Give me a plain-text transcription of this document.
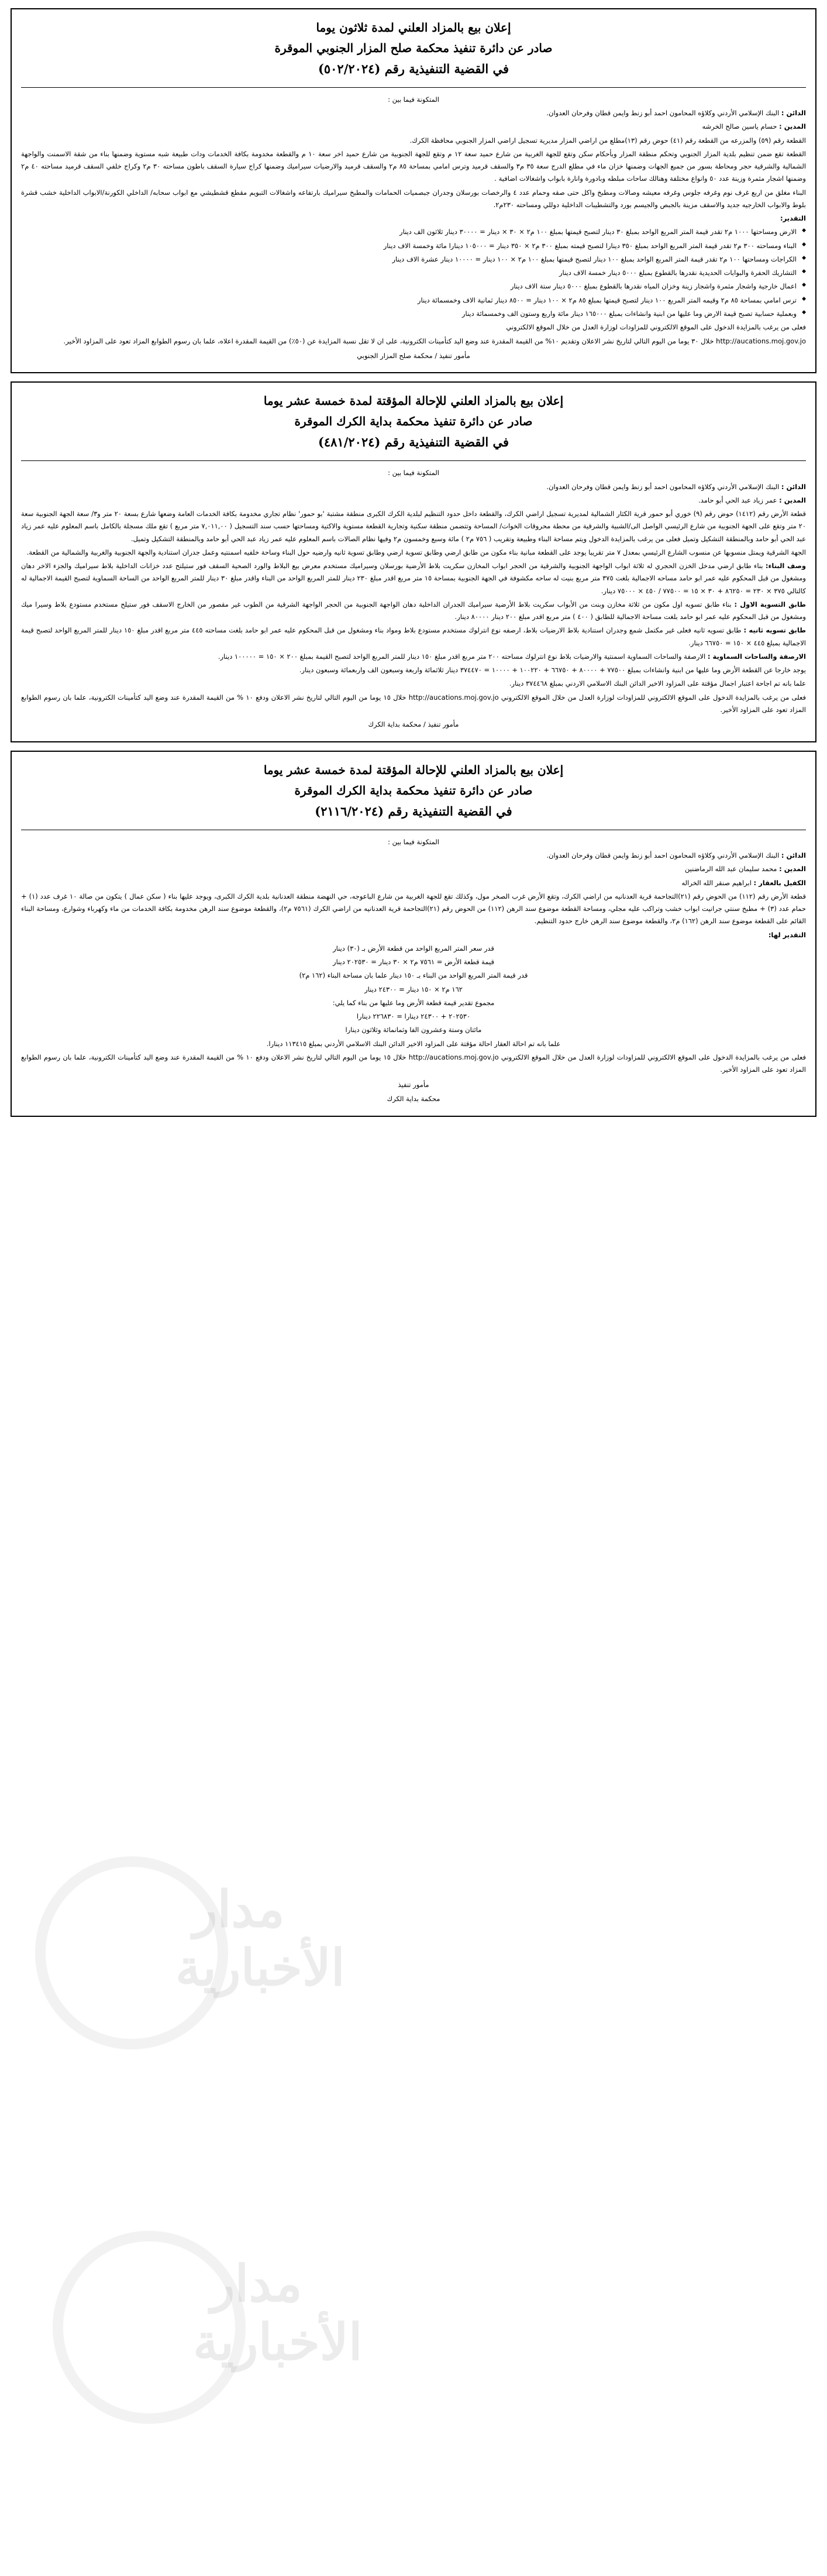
إعلان بيع بالمزاد العلني لمدة ثلاثون يوما
صادر عن دائرة تنفيذ محكمة صلح المزار الجنوبي الموقرة
في القضية التنفيذية رقم (٥٠٢/٢٠٢٤)

المتكونة فيما بين :

الدائن : البنك الإسلامي الأردني وكلاؤه المحامون احمد أبو زنط وايمن قطان وفرحان العدوان.

المدين : حسام ياسين صالح الخرشه

القطعة رقم (٥٩) والمزرعه من القطعة رقم (٤١) حوض رقم (١٣)مطلع من اراضي المزار مديرية تسجيل اراضي المزار الجنوبي محافظة الكرك.

القطعة تقع ضمن تنظيم بلدية المزار الجنوبي وتحكم منطقة المزار وبأحكام سكن وتقع للجهة الغربية من شارع حميد سعة ١٢ م وتقع للجهة الجنوبية من شارع حميد اخر سعة ١٠ م والقطعة مخدومة بكافة الخدمات ودات طبيعة شبه مستوية وضمنها بناء من شقة الاسمنت والواجهة الشمالية والشرقية حجر ومحاطة بسور من جميع الجهات وضمنها خزان ماء في مطلع الدرج سعة ٣٥ م٣ والسقف قرميد وترس امامي بمساحة ٨٥ م٢ والسقف قرميد والارضيات سيراميك وضمنها كراج سيارة السقف باطون مساحته ٣٠ م٢ وكراج خلفي السقف قرميد مساحته ٤٠ م٢ وضمنها اشجار مثمرة وزينة عدد ٥٠ وانواع مختلفة وهنالك ساحات مبلطه وبادورة وانارة بابواب واشغالات اضافية .

البناء مغلق من اربع غرف نوم وغرفه جلوس وغرفه معيشه وصالات ومطبخ واكل حتى صقه وحمام عدد ٤ والرخصات بورسلان وجدران جبصميات الحمامات والمطبخ سيراميك بارتفاعه واشغالات التبويم مقطع قشطيشي مع ابواب سحابه/ الداخلي الكورنة/الابواب الداخلية خشب قشرة بلوط والابواب الخارجيه جديد والاسقف مزينة بالجبص والجيسم بورد والتشطيبات الداخلية دوللي ومساحته ٢٣٠م٢.

التقدير:

◆ الارض ومساحتها ١٠٠٠ م٢ تقدر قيمة المتر المربع الواحد بمبلغ ٣٠ دينار لتصبح قيمتها بمبلغ ١٠٠ م٢ × ٣٠ × دينار = ٣٠٠٠٠ دينار ثلاثون الف دينار
◆ البناء ومساحته ٣٠٠ م٢ تقدر قيمة المتر المربع الواحد بمبلغ ٣٥٠ دينارا لتصبح قيمته بمبلغ ٣٠٠ م٢ × ٣٥٠ دينار = ١٠٥٠٠٠ دينارا مائة وخمسة الاف دينار
◆ الكراجات ومساحتها ١٠٠ م٢ تقدر قيمة المتر المربع الواحد بمبلغ ١٠٠ دينار لتصبح قيمتها بمبلغ ١٠٠ م٢ × ١٠٠ دينار = ١٠٠٠٠ دينار عشرة الاف دينار
◆ التشاريك الحفرة والبوابات الحديدية نقدرها بالقطوع بمبلغ ٥٠٠٠ دينار خمسة الاف دينار
◆ اعمال خارجية واشجار مثمرة واشجار زينة وخزان المياه نقدرها بالقطوع بمبلغ ٥٠٠٠ دينار ستة الاف دينار
◆ ترس امامي بمساحة ٨٥ م٢ وقيمه المتر المربع ١٠٠ دينار لتصبح قيمتها بمبلغ ٨٥ م٢ × ١٠٠ دينار = ٨٥٠٠ دينار ثمانية الاف وخمسمائة دينار
◆ وبعملية حسابية تصبح قيمة الارض وما عليها من ابنية وانشاءات بمبلغ ١٦٥٠٠٠ دينار مائة واربع وستون الف وخمسمائة دينار

فعلى من يرغب بالمزايدة الدخول على الموقع الالكتروني للمزاودات لوزارة العدل من خلال الموقع الالكتروني

http://aucations.moj.gov.jo خلال ٣٠ يوما من اليوم التالي لتاريخ نشر الاعلان وتقديم ١٠% من القيمة المقدرة عند وضع اليد كتأمينات الكترونية، على ان لا تقل نسبة المزايدة عن (٥٠٪) من القيمة المقدرة اعلاه، علما بان رسوم الطوابع المزاد تعود على المزاود الأخير.

مأمور تنفيذ / محكمة صلح المزار الجنوبي
إعلان بيع بالمزاد العلني للإحالة المؤقتة لمدة خمسة عشر يوما
صادر عن دائرة تنفيذ محكمة بداية الكرك الموقرة
في القضية التنفيذية رقم (٤٨١/٢٠٢٤)

المتكونة فيما بين :

الدائن : البنك الإسلامي الأردني وكلاؤه المحامون احمد أبو زنط وايمن قطان وفرحان العدوان.

المدين : عمر زياد عبد الحي أبو حامد.

قطعة الأرض رقم (١٤١٢) حوض رقم (٩) خوري أبو حمور قرية الكثار الشمالية لمديرية تسجيل اراضي الكرك، والقطعة داخل حدود التنظيم لبلدية الكرك الكبرى منطقة مشتبة 'بو حمور' نظام تجاري مخدومة بكافة الخدمات العامة وضعها شارع بسعة ٢٠ متر و٣/ سعة الجهة الجنوبية سعة ٢٠ متر وتقع على الجهة الجنوبية من شارع الرئيسي الواصل الى/الشبية والشرقية من محطة محروقات الخوات/ المساحة وتتضمن منطقة سكنية وتجارية القطعة مستوية والاكتية ومساحتها حسب سند التسجيل ( ٧,٠١١,٠٠ متر مربع ) تقع ملك مسجلة بالكامل باسم المعلوم عليه عمر زياد عبد الحي أبو حامد وبالمنطقة التشكيل وتميل فعلى من يرغب بالمزايدة الدخول ويتم مساحة البناء وطبيعة وتقريب ( ٧٥٦ م٢ ) مائة وسبع وخمسون م٢ وفيها نظام الصالات باسم المعلوم عليه عمر زياد عبد الحي أبو حامد وبالمنطقة التشكيل وتميل.

الجهة الشرقية ويمتل منسوبها عن منسوب الشارع الرئيسي بمعدل ٧ متر تقريبا يوجد على القطعة مبانية بناء مكون من طابق ارضي وطابق تسوية ارضي وطابق تسوية ثانيه وارضيه حول البناء وساحة خلفيه اسمنتيه وعمل جدران استنادية والجهة الجنوبية والغربية والشمالية من القطعة.

وصف البناء: بناء طابق ارضي مدخل الخزن الحجري له ثلاثة ابواب الواجهة الجنوبية والشرقية من الحجر ابواب المخازن سكريت بلاط الأرضية بورسلان وسيراميك مستخدم معرض بيع البلاط والورد الصحية السقف فور ستيلتح عدد خزانات الداخلية بلاط سيراميك والجزء الاخر دهان ومشغول من قبل المحكوم عليه عمر ابو حامد مساحه الاجمالية بلغت ٣٧٥ متر مربع بنيت له ساحه مكشوفة في الجهة الجنوبية بمساحة ١٥ متر مربع اقدر مبلغ ٢٣٠ دينار للمتر المربع الواحد من البناء واقدر مبلغ ٣٠ دينار للمتر المربع الواحد من الساحة السماوية لتصبح القيمة الاجمالية له كالتالي ٣٧٥ × ٢٣٠ = ٨٦٢٥٠ + ٣٠ × ١٥ = ٧٧٥٠٠ / ٤٥٠ × ٧٥٠٠٠ دينار.

طابق التسوية الاول : بناء طابق تسويه اول مكون من ثلاثة مخازن وبنت من الأبواب سكريت بلاط الأرضية سيراميك الجدران الداخلية دهان الواجهة الجنوبية من الحجر الواجهة الشرقية من الطوب غير مقصور من الخارج الاسقف فور ستيلح مستخدم مستودع بلاط وسيرا ميك ومشغول من قبل المحكوم عليه عمر ابو حامد بلغت مساحة الاجمالية للطابق ( ٤٠٠ ) متر مربع اقدر مبلغ ٢٠٠ دينار ٨٠٠٠٠ دينار.

طابق تسويه ثانيه : طابق تسويه ثانيه فعلى غير مكتمل شمع وجدران استنادية بلاط الارضيات بلاط، ارصفه نوع انترلوك مستخدم مستودع بلاط ومواد بناء ومشغول من قبل المحكوم عليه عمر ابو حامد بلغت مساحته ٤٤٥ متر مربع اقدر مبلغ ١٥٠ دينار للمتر المربع الواحد لتصبح قيمة الاجمالية بمبلغ ٤٤٥ × ١٥٠ = ٦٦٧٥٠ دينار.

الارصفة والساحات السماوية : الارصفة والساحات السماوية اسمنتية والارضيات بلاط نوع انترلوك مساحته ٢٠٠ متر مربع اقدر مبلغ ١٥٠ دينار للمتر المربع الواحد لتصبح القيمة بمبلغ ٢٠٠ × ١٥٠ = ١٠٠٠٠٠ دينار.

يوجد خارجا عن القطعة الأرض وما عليها من ابنية وانشاءات بمبلغ ٧٧٥٠٠ + ٨٠٠٠٠ + ٦٦٧٥٠ + ١٠٠٢٢٠ + ١٠٠٠٠ = ٣٧٤٤٧٠ دينار ثلاثمائة واربعة وسبعون الف واربعمائة وسبعون دينار.

علما بانه تم اجاحة اعتبار اجمال مؤقتة على المزاود الاخير الدائن البنك الاسلامي الاردني بمبلغ ٣٧٤٤٦٨ دينار.

فعلى من يرغب بالمزايدة الدخول على الموقع الالكتروني للمزاودات لوزارة العدل من خلال الموقع الالكتروني http://aucations.moj.gov.jo خلال ١٥ يوما من اليوم التالي لتاريخ نشر الاعلان ودفع ١٠ % من القيمة المقدرة عند وضع اليد كتأمينات الكترونية، علما بان رسوم الطوابع المزاد تعود على المزاود الأخير.

مأمور تنفيذ / محكمة بداية الكرك
إعلان بيع بالمزاد العلني للإحالة المؤقتة لمدة خمسة عشر يوما
صادر عن دائرة تنفيذ محكمة بداية الكرك الموقرة
في القضية التنفيذية رقم (٢١١٦/٢٠٢٤)

المتكونة فيما بين :

الدائن : البنك الإسلامي الأردني وكلاؤه المحامون احمد أبو زنط وايمن قطان وفرحان العدوان.

المدين : محمد سليمان عبد الله الرماضنين

الكفيل بالعقار : ابراهيم صنقر الله الخراله

قطعة الأرض رقم (١١٢) من الحوض رقم (٢١)التجاحمة قرية العدنانيه من اراضي الكرك، وتقع الأرض غرب الصخر مول، وكذلك تقع للجهة الغربية من شارع الباعوجه، حي النهضة منطقة العدنانية بلدية الكرك الكبرى، ويوجد عليها بناء ( سكن عمال ) يتكون من صالة ١٠ غرف عدد (١) + حمام عدد (٣) + مطبخ سنتي جرانيت ابواب خشب وتراكب عليه مجلي، ومساحة القطعة موضوع سند الرهن (١١٢) من الحوض رقم (٢١)التجاحمة قرية العدنانيه من اراضي الكرك (٧٥٦١ م٢)، والقطعة موضوع سند الرهن مخدومة بكافة الخدمات من ماء وكهرباء وشوارع، ومساحة البناء القائم على القطعة موضوع سند الرهن (١٦٢) م٢، والقطعة موضوع سند الرهن خارج حدود التنظيم.

التقدير لها:

قدر سعر المتر المربع الواحد من قطعة الأرض بـ (٣٠) دينار

قيمة قطعة الأرض = ٧٥٦١ م٢ × ٣٠ دينار = ٢٠٢٥٣٠ دينار

قدر قيمة المتر المربع الواحد من البناء بـ ١٥٠ دينار علما بان مساحة البناء (١٦٢ م٢)

١٦٢ م٢ × ١٥٠ دينار = ٢٤٣٠٠ دينار

مجموع تقدير قيمة قطعة الأرض وما عليها من بناء كما يلي:

٢٠٢٥٣٠ + ٢٤٣٠٠ دينارا = ٢٢٦٨٣٠ دينارا

مائتان وستة وعشرون الفا وثمانمائة وثلاثون دينارا

علما بانه تم احالة العقار احالة مؤقتة على المزاود الاخير الدائن البنك الاسلامي الأردني بمبلغ ١١٣٤١٥ دينارا.

فعلى من يرغب بالمزايدة الدخول على الموقع الالكتروني للمزاودات لوزارة العدل من خلال الموقع الالكتروني http://aucations.moj.gov.jo خلال ١٥ يوما من اليوم التالي لتاريخ نشر الاعلان ودفع ١٠ % من القيمة المقدرة عند وضع اليد كتأمينات الكترونية، علما بان رسوم الطوابع المزاد تعود على المزاود الأخير.

مأمور تنفيذ
محكمة بداية الكرك
مدار
الأخبارية
مدار
الأخبارية
